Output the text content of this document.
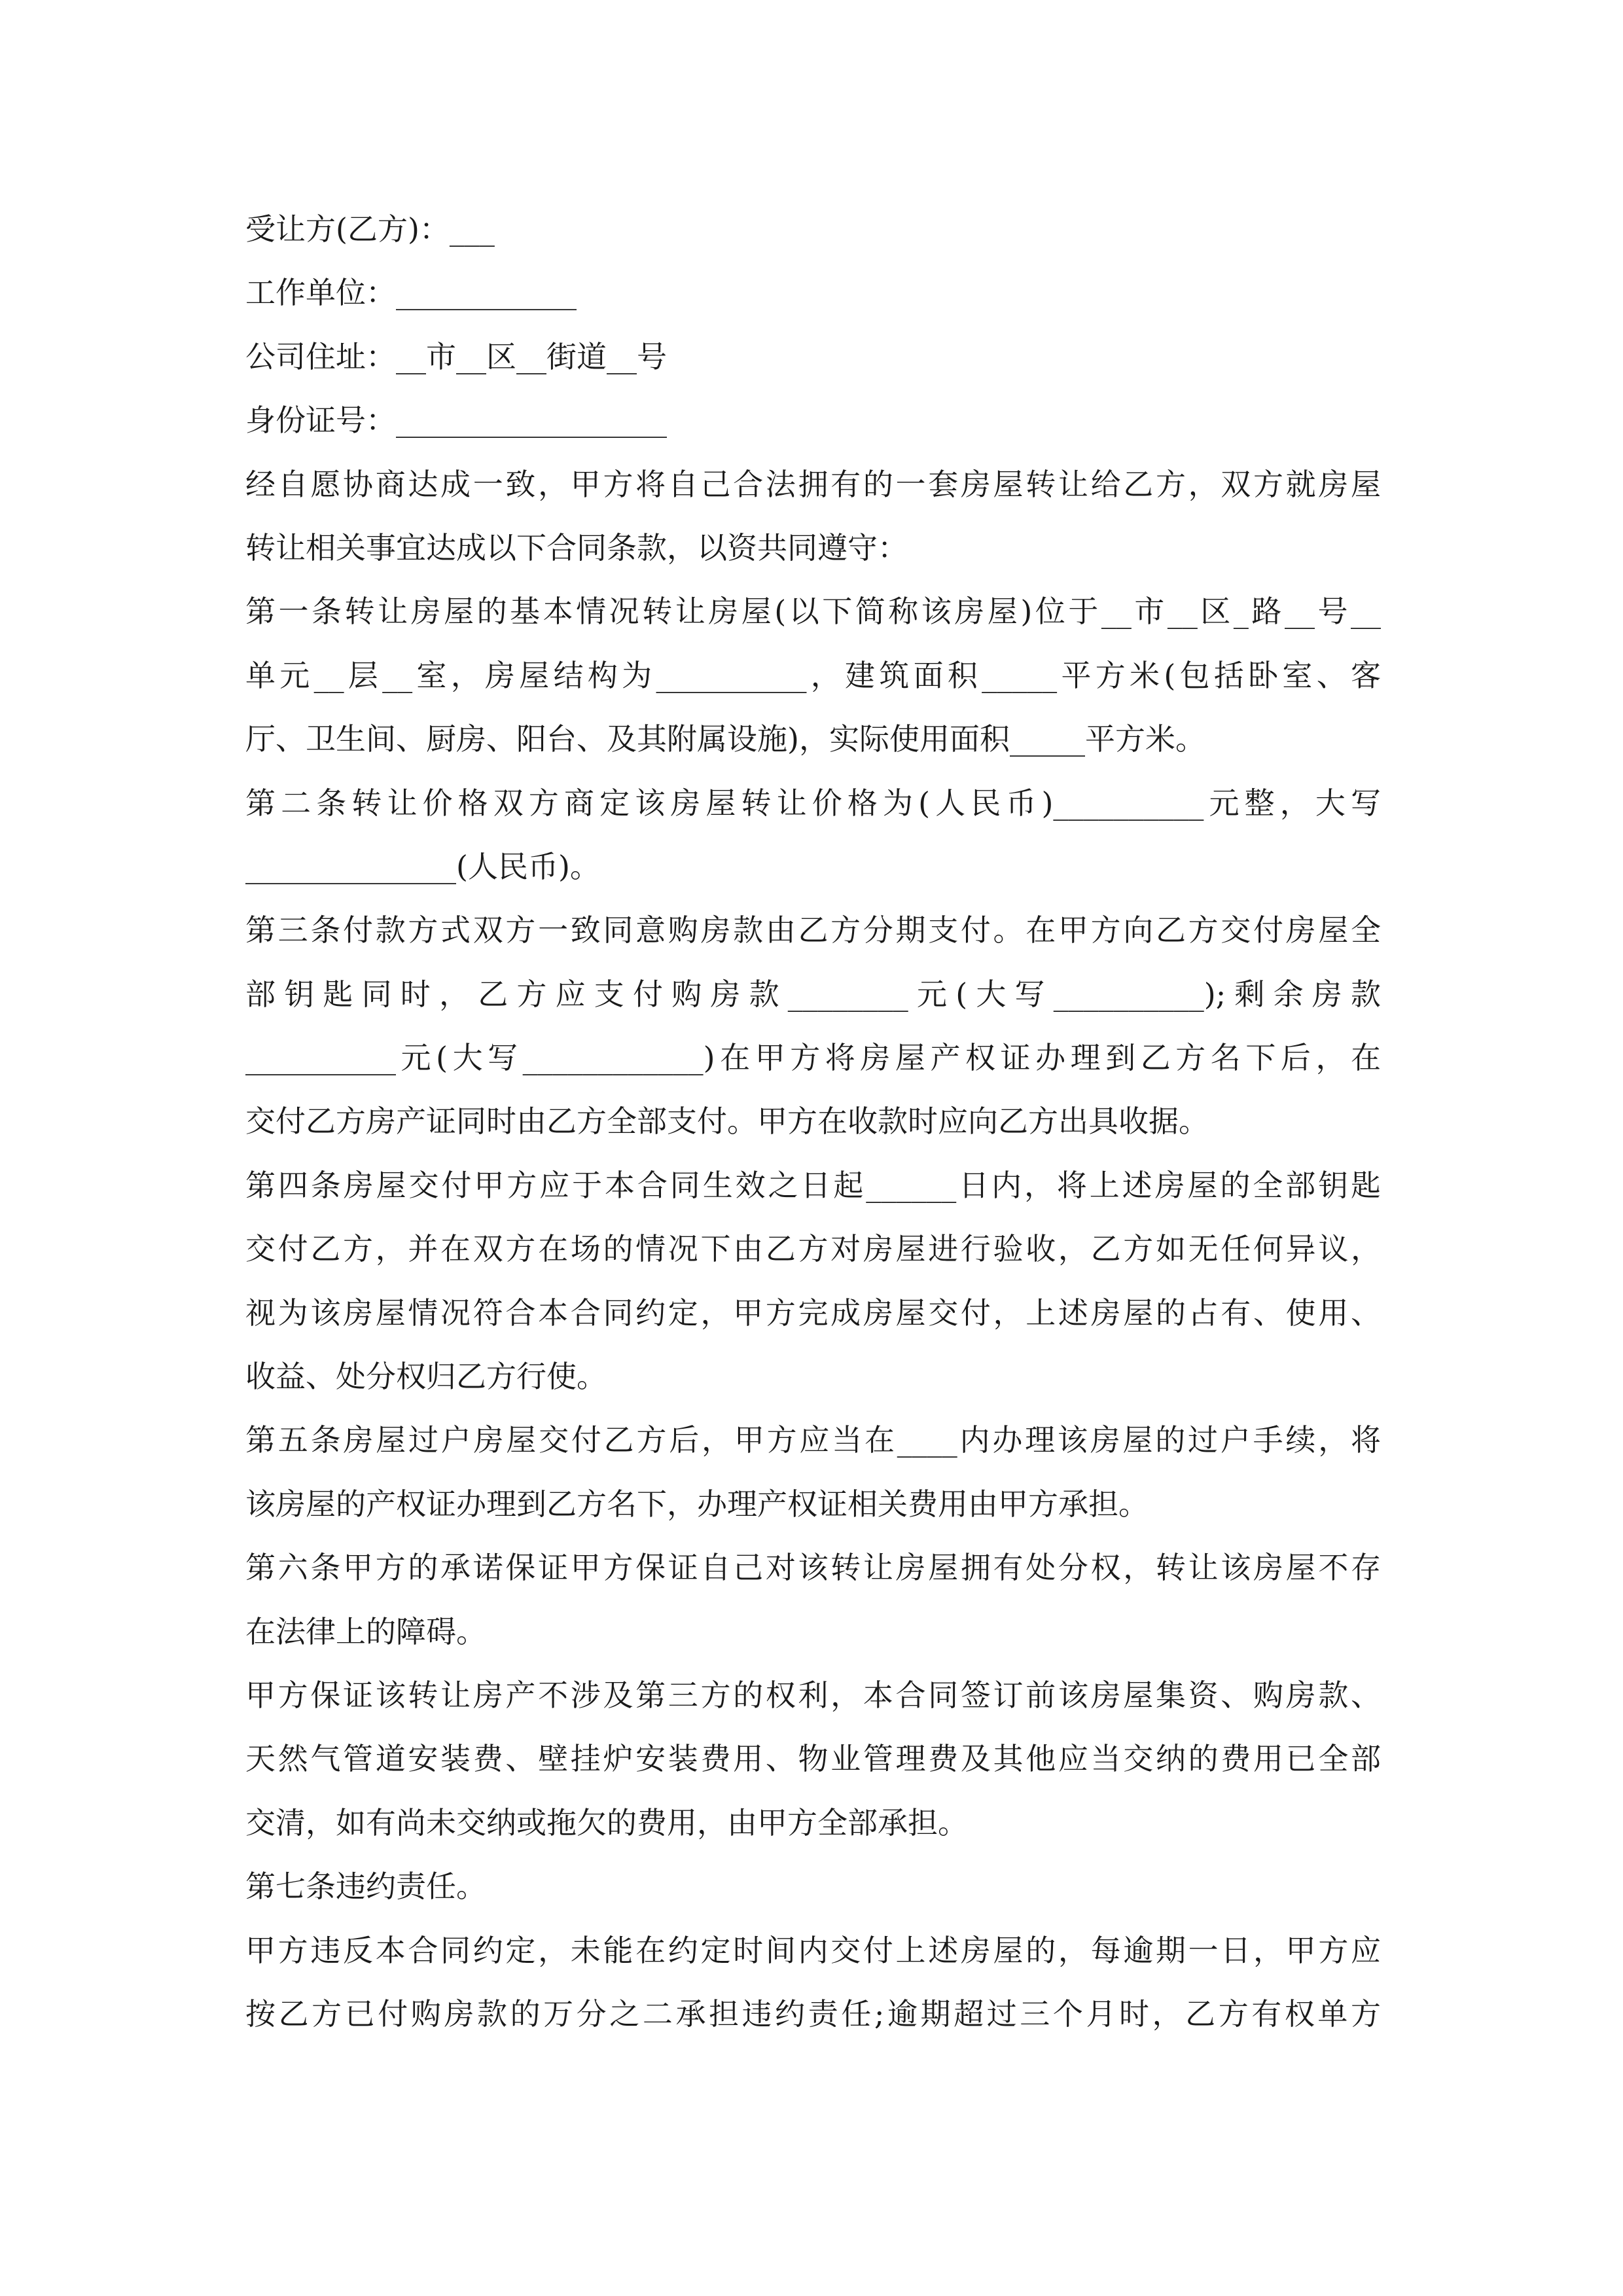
受让方(乙方)：___
工作单位：____________
公司住址：__市__区__街道__号
身份证号：__________________
经自愿协商达成一致，甲方将自己合法拥有的一套房屋转让给乙方，双方就房屋
转让相关事宜达成以下合同条款，以资共同遵守：
第一条转让房屋的基本情况转让房屋(以下简称该房屋)位于__市__区_路__号__
单元__层__室，房屋结构为__________，建筑面积_____平方米(包括卧室、客
厅、卫生间、厨房、阳台、及其附属设施)，实际使用面积_____平方米。
第二条转让价格双方商定该房屋转让价格为(人民币)__________元整，大写
______________(人民币)。
第三条付款方式双方一致同意购房款由乙方分期支付。在甲方向乙方交付房屋全
部钥匙同时，乙方应支付购房款________元(大写__________);剩余房款
__________元(大写____________)在甲方将房屋产权证办理到乙方名下后，在
交付乙方房产证同时由乙方全部支付。甲方在收款时应向乙方出具收据。
第四条房屋交付甲方应于本合同生效之日起______日内，将上述房屋的全部钥匙
交付乙方，并在双方在场的情况下由乙方对房屋进行验收，乙方如无任何异议，
视为该房屋情况符合本合同约定，甲方完成房屋交付，上述房屋的占有、使用、
收益、处分权归乙方行使。
第五条房屋过户房屋交付乙方后，甲方应当在____内办理该房屋的过户手续，将
该房屋的产权证办理到乙方名下，办理产权证相关费用由甲方承担。
第六条甲方的承诺保证甲方保证自己对该转让房屋拥有处分权，转让该房屋不存
在法律上的障碍。
甲方保证该转让房产不涉及第三方的权利，本合同签订前该房屋集资、购房款、
天然气管道安装费、壁挂炉安装费用、物业管理费及其他应当交纳的费用已全部
交清，如有尚未交纳或拖欠的费用，由甲方全部承担。
第七条违约责任。
甲方违反本合同约定，未能在约定时间内交付上述房屋的，每逾期一日，甲方应
按乙方已付购房款的万分之二承担违约责任;逾期超过三个月时，乙方有权单方
